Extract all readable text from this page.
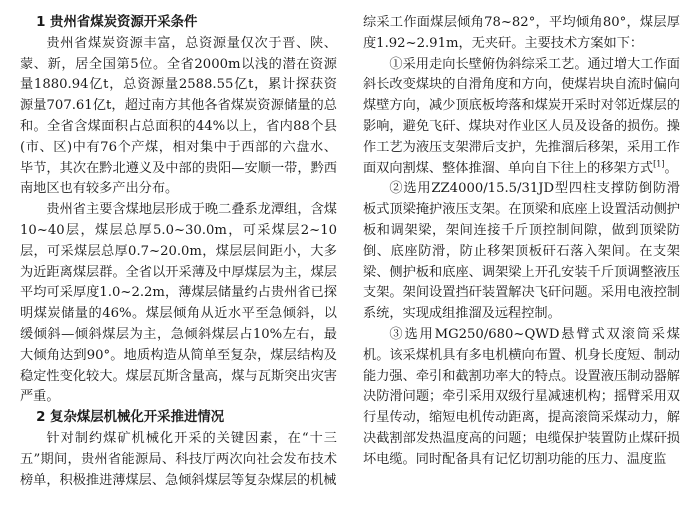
1 贵州省煤炭资源开采条件

贵州省煤炭资源丰富，总资源量仅次于晋、陕、蒙、新，居全国第5位。全省2000m以浅的潜在资源量1880.94亿t，总资源量2588.55亿t，累计探获资源量707.61亿t，超过南方其他各省煤炭资源储量的总和。全省含煤面积占总面积的44%以上，省内88个县(市、区)中有76个产煤，相对集中于西部的六盘水、毕节，其次在黔北遵义及中部的贵阳—安顺一带，黔西南地区也有较多产出分布。

贵州省主要含煤地层形成于晚二叠系龙潭组，含煤10~40层，煤层总厚5.0~30.0m，可采煤层2~10层，可采煤层总厚0.7~20.0m，煤层层间距小，大多为近距离煤层群。全省以开采薄及中厚煤层为主，煤层平均可采厚度1.0~2.2m，薄煤层储量约占贵州省已探明煤炭储量的46%。煤层倾角从近水平至急倾斜，以缓倾斜—倾斜煤层为主，急倾斜煤层占10%左右，最大倾角达到90°。地质构造从简单至复杂，煤层结构及稳定性变化较大。煤层瓦斯含量高，煤与瓦斯突出灾害严重。

2 复杂煤层机械化开采推进情况

针对制约煤矿机械化开采的关键因素，在“十三五”期间，贵州省能源局、科技厅两次向社会发布技术榜单，积极推进薄煤层、急倾斜煤层等复杂煤层的机械

综采工作面煤层倾角78~82°，平均倾角80°，煤层厚度1.92~2.91m，无夹矸。主要技术方案如下：

①采用走向长壁俯伪斜综采工艺。通过增大工作面斜长改变煤块的自滑角度和方向，使煤岩块自流时偏向煤壁方向，减少顶底板垮落和煤炭开采时对邻近煤层的影响，避免飞矸、煤块对作业区人员及设备的损伤。操作工艺为液压支架滞后支护，先推溜后移架，采用工作面双向割煤、整体推溜、单向自下往上的移架方式[1]。

②选用ZZ4000/15.5/31JD型四柱支撑防倒防滑板式顶梁掩护液压支架。在顶梁和底座上设置活动侧护板和调架梁，架间连接千斤顶控制间隙，做到顶梁防倒、底座防滑，防止移架顶板矸石落入架间。在支架梁、侧护板和底座、调架梁上开孔安装千斤顶调整液压支架。架间设置挡矸装置解决飞矸问题。采用电液控制系统，实现成组推溜及远程控制。

③选用MG250/680~QWD悬臂式双滚筒采煤机。该采煤机具有多电机横向布置、机身长度短、制动能力强、牵引和截割功率大的特点。设置液压制动器解决防滑问题；牵引采用双级行星减速机构；摇臂采用双行星传动，缩短电机传动距离，提高滚筒采煤动力，解决截割部发热温度高的问题；电缆保护装置防止煤矸损坏电缆。同时配备具有记忆切割功能的压力、温度监
